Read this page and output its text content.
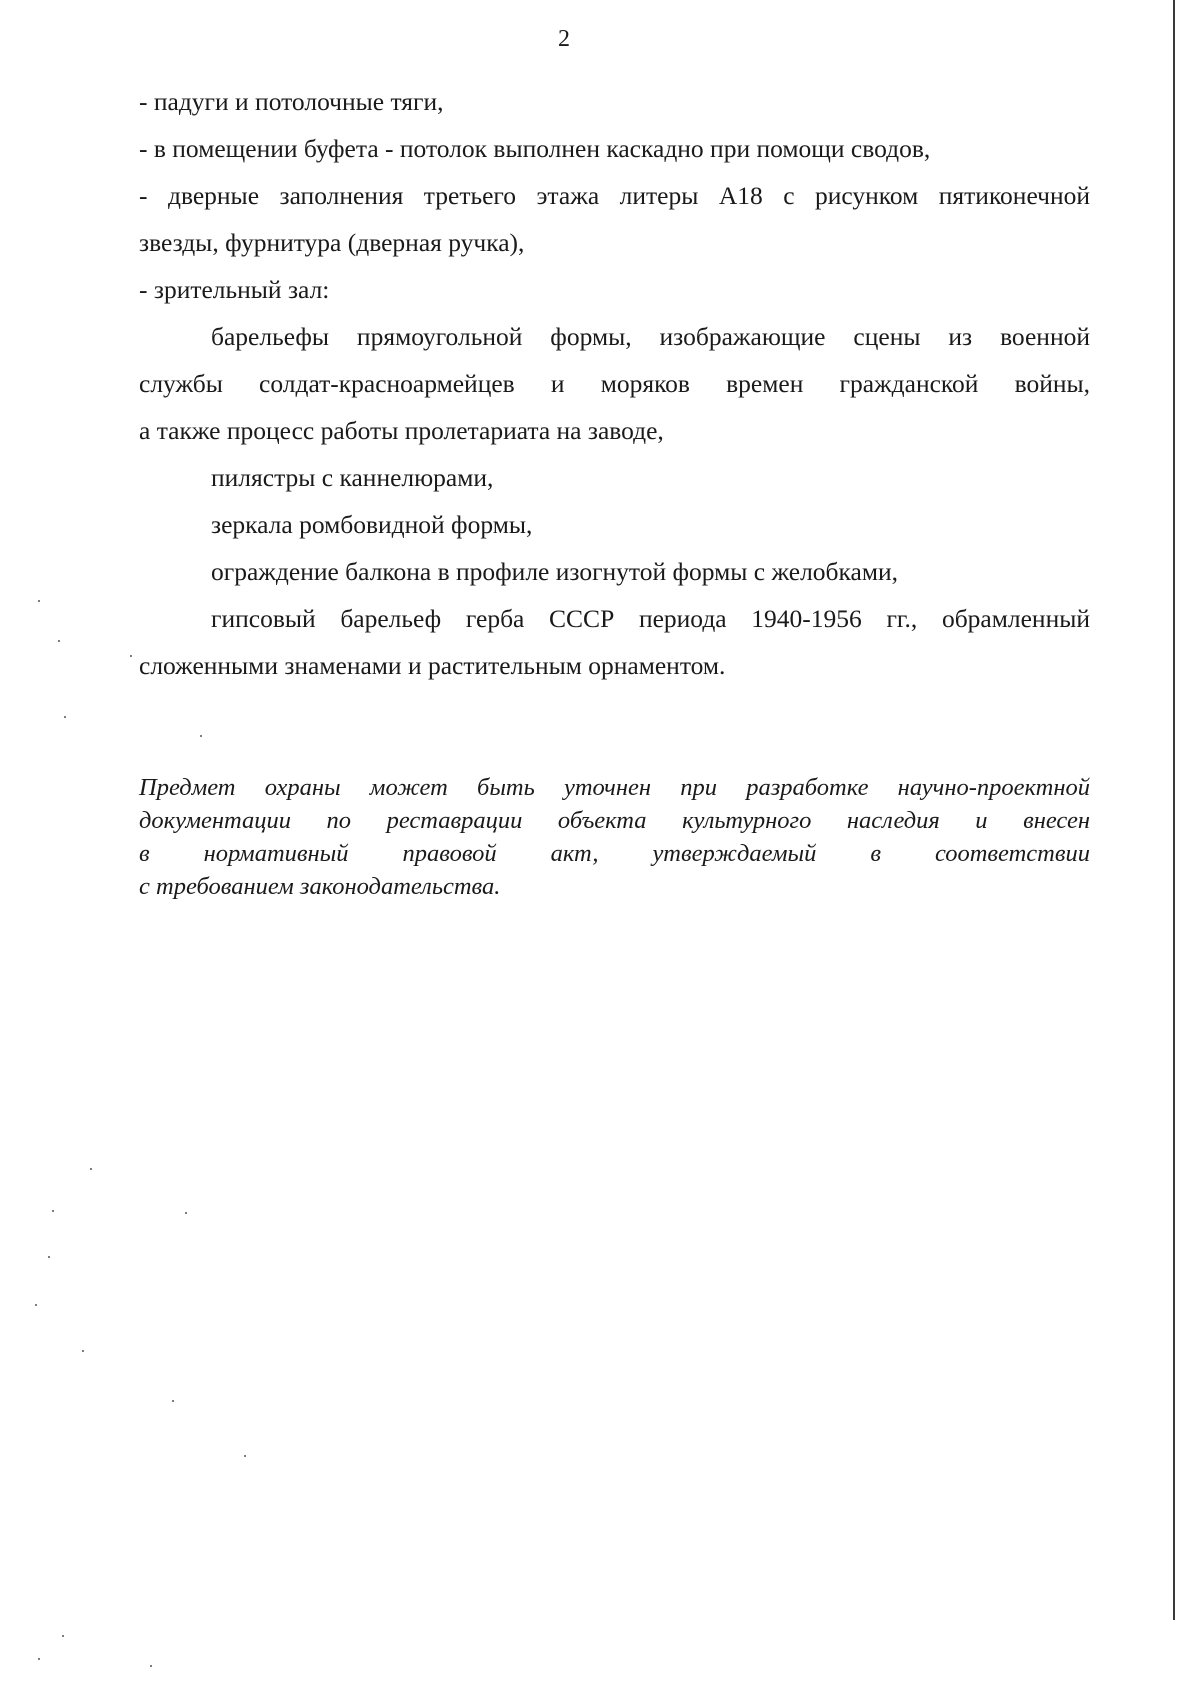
2

- падуги и потолочные тяги,

- в помещении буфета - потолок выполнен каскадно при помощи сводов,

- дверные заполнения третьего этажа литеры А18 с рисунком пятиконечной

звезды, фурнитура (дверная ручка),

- зрительный зал:

барельефы прямоугольной формы, изображающие сцены из военной

службы солдат-красноармейцев и моряков времен гражданской войны,

а также процесс работы пролетариата на заводе,

пилястры с каннелюрами,

зеркала ромбовидной формы,

ограждение балкона в профиле изогнутой формы с желобками,

гипсовый барельеф герба СССР периода 1940-1956 гг., обрамленный

сложенными знаменами и растительным орнаментом.

Предмет охраны может быть уточнен при разработке научно-проектной

документации по реставрации объекта культурного наследия и внесен

в нормативный правовой акт, утверждаемый в соответствии

с требованием законодательства.
